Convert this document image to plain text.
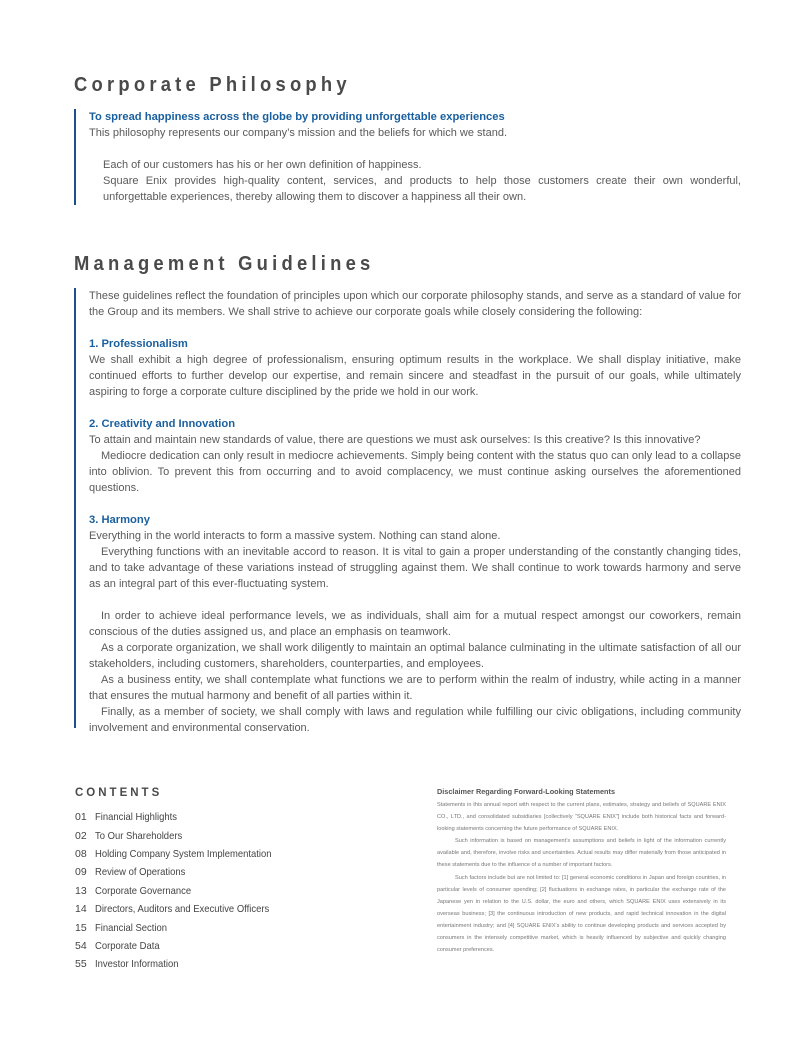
Corporate Philosophy

To spread happiness across the globe by providing unforgettable experiences

This philosophy represents our company’s mission and the beliefs for which we stand.

Each of our customers has his or her own definition of happiness.

Square Enix provides high-quality content, services, and products to help those customers create their own wonderful, unforgettable experiences, thereby allowing them to discover a happiness all their own.

Management Guidelines

These guidelines reflect the foundation of principles upon which our corporate philosophy stands, and serve as a standard of value for the Group and its members. We shall strive to achieve our corporate goals while closely considering the following:

1. Professionalism

We shall exhibit a high degree of professionalism, ensuring optimum results in the workplace. We shall display initiative, make continued efforts to further develop our expertise, and remain sincere and steadfast in the pursuit of our goals, while ultimately aspiring to forge a corporate culture disciplined by the pride we hold in our work.

2. Creativity and Innovation

To attain and maintain new standards of value, there are questions we must ask ourselves: Is this creative? Is this innovative?

Mediocre dedication can only result in mediocre achievements. Simply being content with the status quo can only lead to a collapse into oblivion. To prevent this from occurring and to avoid complacency, we must continue asking ourselves the aforementioned questions.

3. Harmony

Everything in the world interacts to form a massive system. Nothing can stand alone.

Everything functions with an inevitable accord to reason. It is vital to gain a proper understanding of the constantly changing tides, and to take advantage of these variations instead of struggling against them. We shall continue to work towards harmony and serve as an integral part of this ever-fluctuating system.

In order to achieve ideal performance levels, we as individuals, shall aim for a mutual respect amongst our coworkers, remain conscious of the duties assigned us, and place an emphasis on teamwork.

As a corporate organization, we shall work diligently to maintain an optimal balance culminating in the ultimate satisfaction of all our stakeholders, including customers, shareholders, counterparties, and employees.

As a business entity, we shall contemplate what functions we are to perform within the realm of industry, while acting in a manner that ensures the mutual harmony and benefit of all parties within it.

Finally, as a member of society, we shall comply with laws and regulation while fulfilling our civic obligations, including community involvement and environmental conservation.

CONTENTS
01 Financial Highlights
02 To Our Shareholders
08 Holding Company System Implementation
09 Review of Operations
13 Corporate Governance
14 Directors, Auditors and Executive Officers
15 Financial Section
54 Corporate Data
55 Investor Information
Disclaimer Regarding Forward-Looking Statements

Statements in this annual report with respect to the current plans, estimates, strategy and beliefs of SQUARE ENIX CO., LTD., and consolidated subsidiaries [collectively “SQUARE ENIX”] include both historical facts and forward-looking statements concerning the future performance of SQUARE ENIX.

Such information is based on management’s assumptions and beliefs in light of the information currently available and, therefore, involve risks and uncertainties. Actual results may differ materially from those anticipated in these statements due to the influence of a number of important factors.

Such factors include but are not limited to: [1] general economic conditions in Japan and foreign countries, in particular levels of consumer spending; [2] fluctuations in exchange rates, in particular the exchange rate of the Japanese yen in relation to the U.S. dollar, the euro and others, which SQUARE ENIX uses extensively in its overseas business; [3] the continuous introduction of new products, and rapid technical innovation in the digital entertainment industry; and [4] SQUARE ENIX’s ability to continue developing products and services accepted by consumers in the intensely competitive market, which is heavily influenced by subjective and quickly changing consumer preferences.
